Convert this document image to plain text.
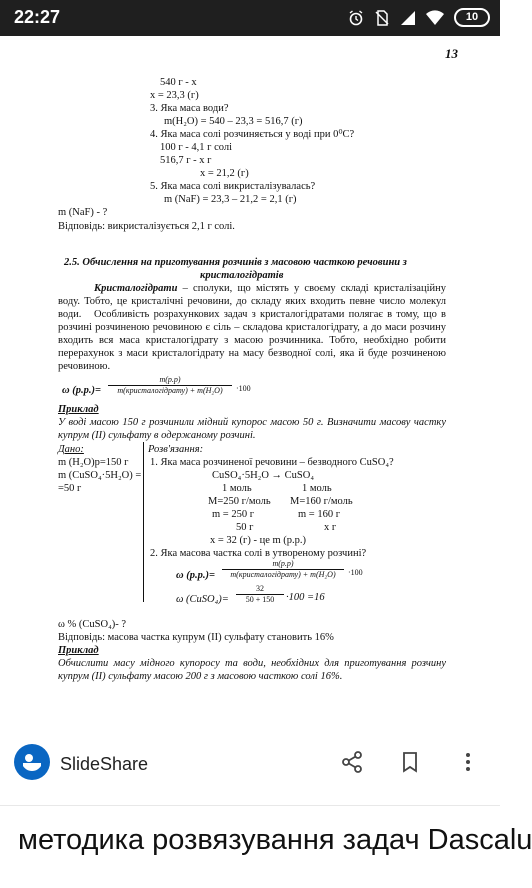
22:27	10
13
540 г - х
х = 23,3 (г)
3. Яка маса води?
m(H₂O) = 540 – 23,3 = 516,7 (г)
4. Яка маса солі розчиняється у воді при 0⁰С?
100 г - 4,1 г солі
516,7 г - х г
х = 21,2 (г)
5. Яка маса солі викристалізувалась?
m (NaF) = 23,3 – 21,2 = 2,1 (г)
m (NaF) - ?
Відповідь: викристалізується 2,1 г солі.
2.5. Обчислення на приготування розчинів з масовою часткою речовини з
кристалогідратів
Кристалогідрати – сполуки, що містять у своєму складі кристалізаційну воду. Тобто, це кристалічні речовини, до складу яких входить певне число молекул води.	Особливість розрахункових задач з кристалогідратами полягає в тому, що в розчині розчиненою речовиною є сіль – складова кристалогідрату, а до маси розчину входить вся маса кристалогідрату з масою розчинника. Тобто, необхідно робити перерахунок з маси кристалогідрату на масу безводної солі, яка й буде розчиненою речовиною.
ω (р.р.)=
m(р.р)
m(кристалогідрату) + m(H₂O)	·100
Приклад
У воді масою 150 г розчинили мідний купорос масою 50 г. Визначити масову частку купрум (II) сульфату в одержаному розчині.
Дано:	Розв'язання:
m (H₂O)р=150 г
m (CuSO₄·5H₂O) =
=50 г
1. Яка маса розчиненої речовини – безводного CuSO₄?
CuSO₄·5H₂O → CuSO₄
1 моль	1 моль
M=250 г/моль M=160 г/моль
m = 250 г	m = 160 г
50 г	х г
х = 32 (г) - це m (р.р.)
2. Яка масова частка солі в утвореному розчині?
ω (р.р.)=
m(р.р)
m(кристалогідрату) + m(H₂O)	·100
ω (CuSO₄)= $\frac{32}{50 + 150} \cdot 100 =16$
ω % (CuSO₄)- ?
Відповідь: масова частка купрум (II) сульфату становить 16%
Приклад
Обчислити масу мідного купоросу та води, необхідних для приготування розчину купрум (II) сульфату масою 200 г з масовою часткою солі 16%.
SlideShare
методика розвязування задач Dascalu
